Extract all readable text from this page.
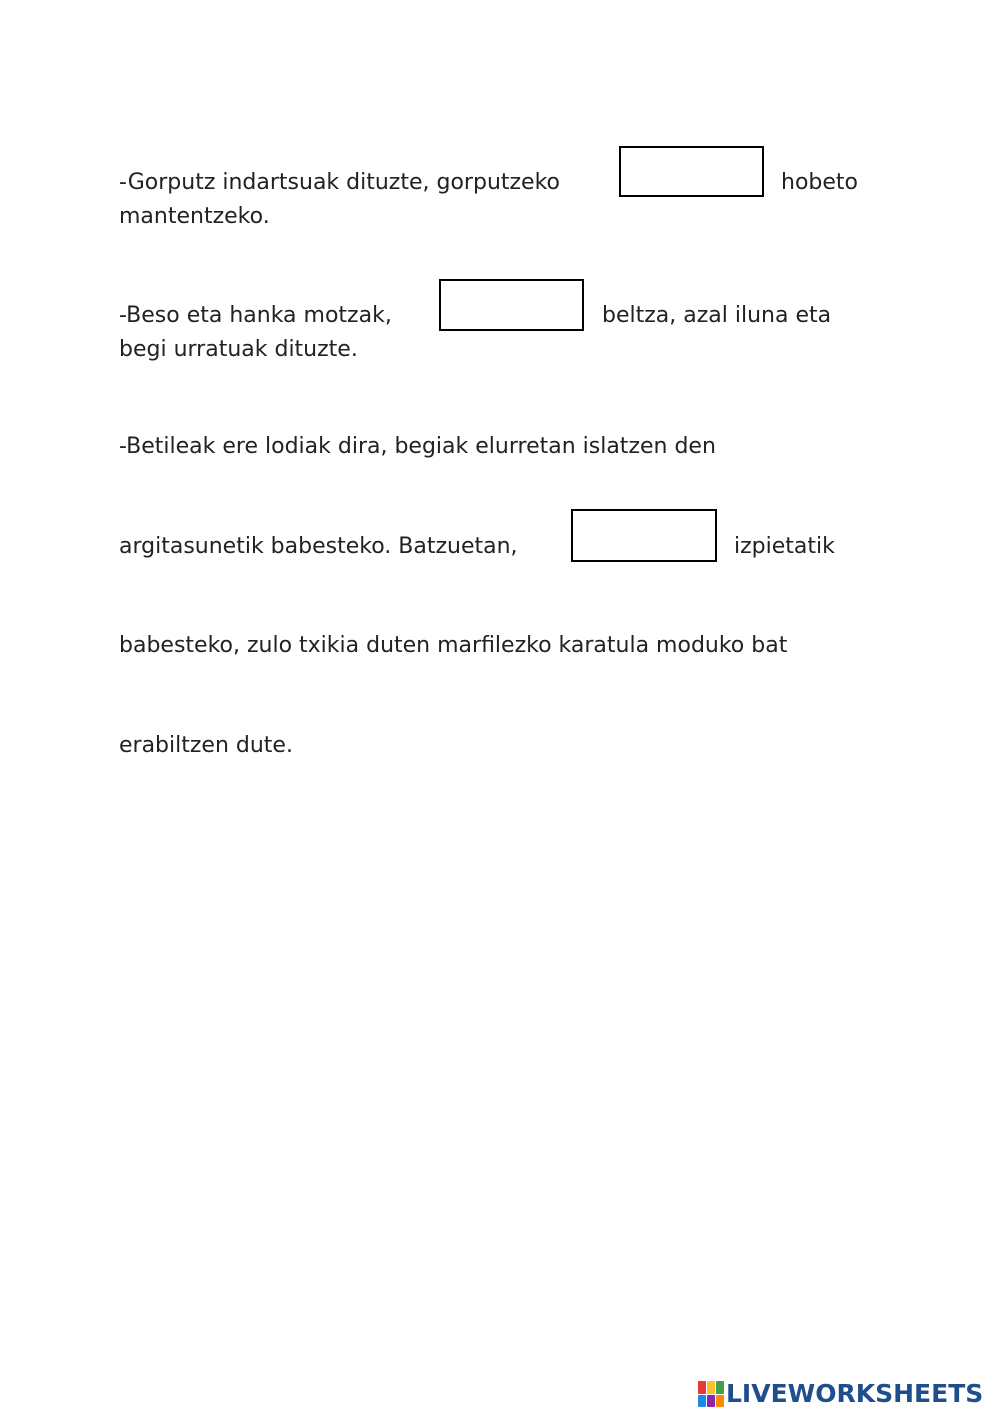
-Gorputz indartsuak dituzte, gorputzeko	hobeto

mantentzeko.

-Beso eta hanka motzak,	beltza, azal iluna eta

begi urratuak dituzte.

-Betileak ere lodiak dira, begiak elurretan islatzen den

argitasunetik babesteko. Batzuetan,	izpietatik

babesteko, zulo txikia duten marfilezko karatula moduko bat

erabiltzen dute.

LIVEWORKSHEETS
